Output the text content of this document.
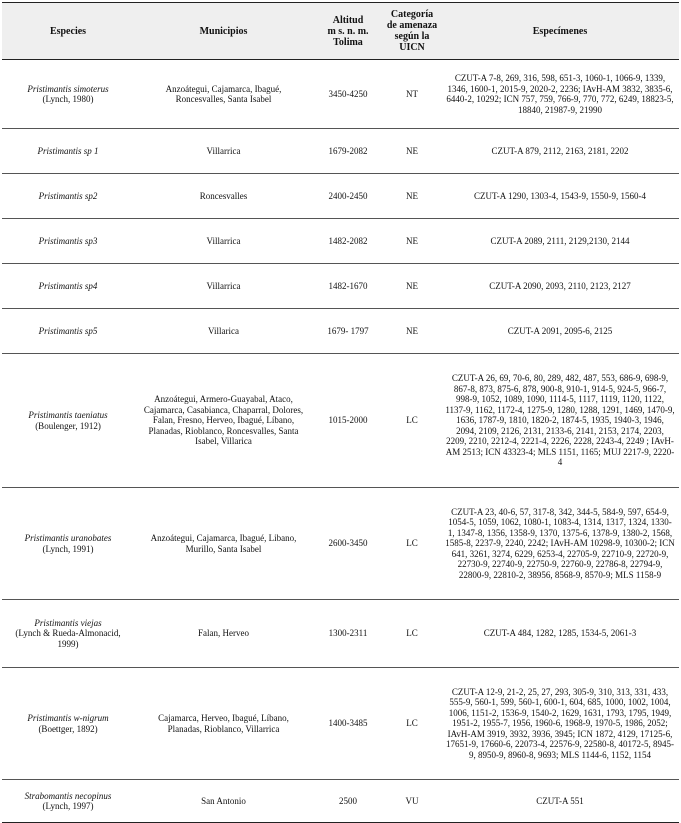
Especies	Municipios	Altitud
m s. n. m.
Tolima	Categoría
de amenaza
según la
UICN	Especímenes

Pristimantis simoterus
(Lynch, 1980)	Anzoátegui, Cajamarca, Ibagué, Roncesvalles, Santa Isabel	3450-4250	NT	CZUT-A 7-8, 269, 316, 598, 651-3, 1060-1, 1066-9, 1339, 1346, 1600-1, 2015-9, 2020-2, 2236; IAvH-AM 3832, 3835-6, 6440-2, 10292; ICN 757, 759, 766-9, 770, 772, 6249, 18823-5, 18840, 21987-9, 21990

Pristimantis sp 1	Villarrica	1679-2082	NE	CZUT-A 879, 2112, 2163, 2181, 2202

Pristimantis sp2	Roncesvalles	2400-2450	NE	CZUT-A 1290, 1303-4, 1543-9, 1550-9, 1560-4

Pristimantis sp3	Villarrica	1482-2082	NE	CZUT-A 2089, 2111, 2129,2130, 2144

Pristimantis sp4	Villarrica	1482-1670	NE	CZUT-A 2090, 2093, 2110, 2123, 2127

Pristimantis sp5	Villarica	1679- 1797	NE	CZUT-A 2091, 2095-6, 2125

Pristimantis taeniatus
(Boulenger, 1912)	Anzoátegui, Armero-Guayabal, Ataco, Cajamarca, Casabianca, Chaparral, Dolores, Falan, Fresno, Herveo, Ibagué, Líbano, Planadas, Rioblanco, Roncesvalles, Santa Isabel, Villarica	1015-2000	LC	CZUT-A 26, 69, 70-6, 80, 289, 482, 487, 553, 686-9, 698-9, 867-8, 873, 875-6, 878, 900-8, 910-1, 914-5, 924-5, 966-7, 998-9, 1052, 1089, 1090, 1114-5, 1117, 1119, 1120, 1122, 1137-9, 1162, 1172-4, 1275-9, 1280, 1288, 1291, 1469, 1470-9, 1636, 1787-9, 1810, 1820-2, 1874-5, 1935, 1940-3, 1946, 2094, 2109, 2126, 2131, 2133-6, 2141, 2153, 2174, 2203, 2209, 2210, 2212-4, 2221-4, 2226, 2228, 2243-4, 2249 ; IAvH-AM 2513; ICN 43323-4; MLS 1151, 1165; MUJ 2217-9, 2220-4

Pristimantis uranobates
(Lynch, 1991)	Anzoátegui, Cajamarca, Ibagué, Libano, Murillo, Santa Isabel	2600-3450	LC	CZUT-A 23, 40-6, 57, 317-8, 342, 344-5, 584-9, 597, 654-9, 1054-5, 1059, 1062, 1080-1, 1083-4, 1314, 1317, 1324, 1330-1, 1347-8, 1356, 1358-9, 1370, 1375-6, 1378-9, 1380-2, 1568, 1585-8, 2237-9, 2240, 2242; IAvH-AM 10298-9, 10300-2; ICN 641, 3261, 3274, 6229, 6253-4, 22705-9, 22710-9, 22720-9, 22730-9, 22740-9, 22750-9, 22760-9, 22786-8, 22794-9, 22800-9, 22810-2, 38956, 8568-9, 8570-9; MLS 1158-9

Pristimantis viejas
(Lynch & Rueda-Almonacid, 1999)	Falan, Herveo	1300-2311	LC	CZUT-A 484, 1282, 1285, 1534-5, 2061-3

Pristimantis w-nigrum
(Boettger, 1892)	Cajamarca, Herveo, Ibagué, Líbano, Planadas, Rioblanco, Villarrica	1400-3485	LC	CZUT-A 12-9, 21-2, 25, 27, 293, 305-9, 310, 313, 331, 433, 555-9, 560-1, 599, 560-1, 600-1, 604, 685, 1000, 1002, 1004, 1006, 1151-2, 1536-9, 1540-2, 1629, 1631, 1793, 1795, 1949, 1951-2, 1955-7, 1956, 1960-6, 1968-9, 1970-5, 1986, 2052; IAvH-AM 3919, 3932, 3936, 3945; ICN 1872, 4129, 17125-6, 17651-9, 17660-6, 22073-4, 22576-9, 22580-8, 40172-5, 8945-9, 8950-9, 8960-8, 9693; MLS 1144-6, 1152, 1154

Strabomantis necopinus
(Lynch, 1997)	San Antonio	2500	VU	CZUT-A 551
